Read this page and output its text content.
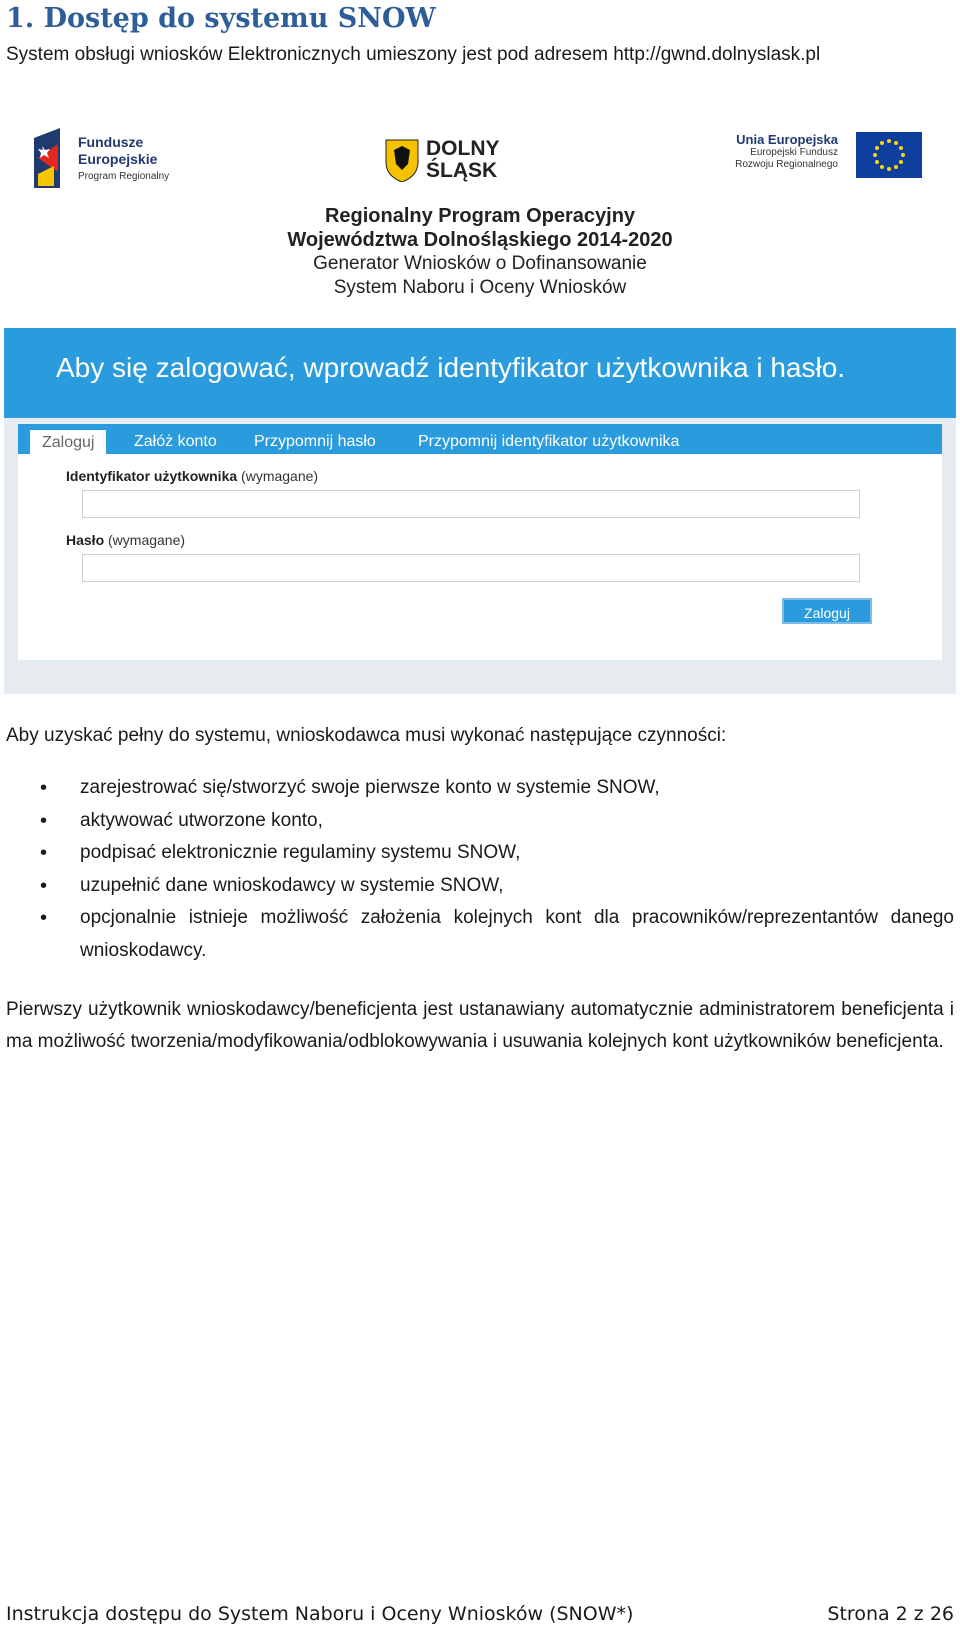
1. Dostęp do systemu SNOW
System obsługi wniosków Elektronicznych umieszony jest pod adresem http://gwnd.dolnyslask.pl
Fundusze
Europejskie
Program Regionalny
DOLNY
ŚLĄSK
Unia Europejska
Europejski Fundusz
Rozwoju Regionalnego
Regionalny Program Operacyjny
Województwa Dolnośląskiego 2014-2020
Generator Wniosków o Dofinansowanie
System Naboru i Oceny Wniosków
Aby się zalogować, wprowadź identyfikator użytkownika i hasło.
Zaloguj	Załóż konto Przypomnij hasło	Przypomnij identyfikator użytkownika
Identyfikator użytkownika (wymagane)
Hasło (wymagane)
Zaloguj
Aby uzyskać pełny do systemu, wnioskodawca musi wykonać następujące czynności:
• zarejestrować się/stworzyć swoje pierwsze konto w systemie SNOW,
• aktywować utworzone konto,
• podpisać elektronicznie regulaminy systemu SNOW,
• uzupełnić dane wnioskodawcy w systemie SNOW,
• opcjonalnie istnieje możliwość założenia kolejnych kont dla pracowników/reprezentantów danego wnioskodawcy.
Pierwszy użytkownik wnioskodawcy/beneficjenta jest ustanawiany automatycznie administratorem beneficjenta i ma możliwość tworzenia/modyfikowania/odblokowywania i usuwania kolejnych kont użytkowników beneficjenta.
Instrukcja dostępu do System Naboru i Oceny Wniosków (SNOW*)	Strona 2 z 26
